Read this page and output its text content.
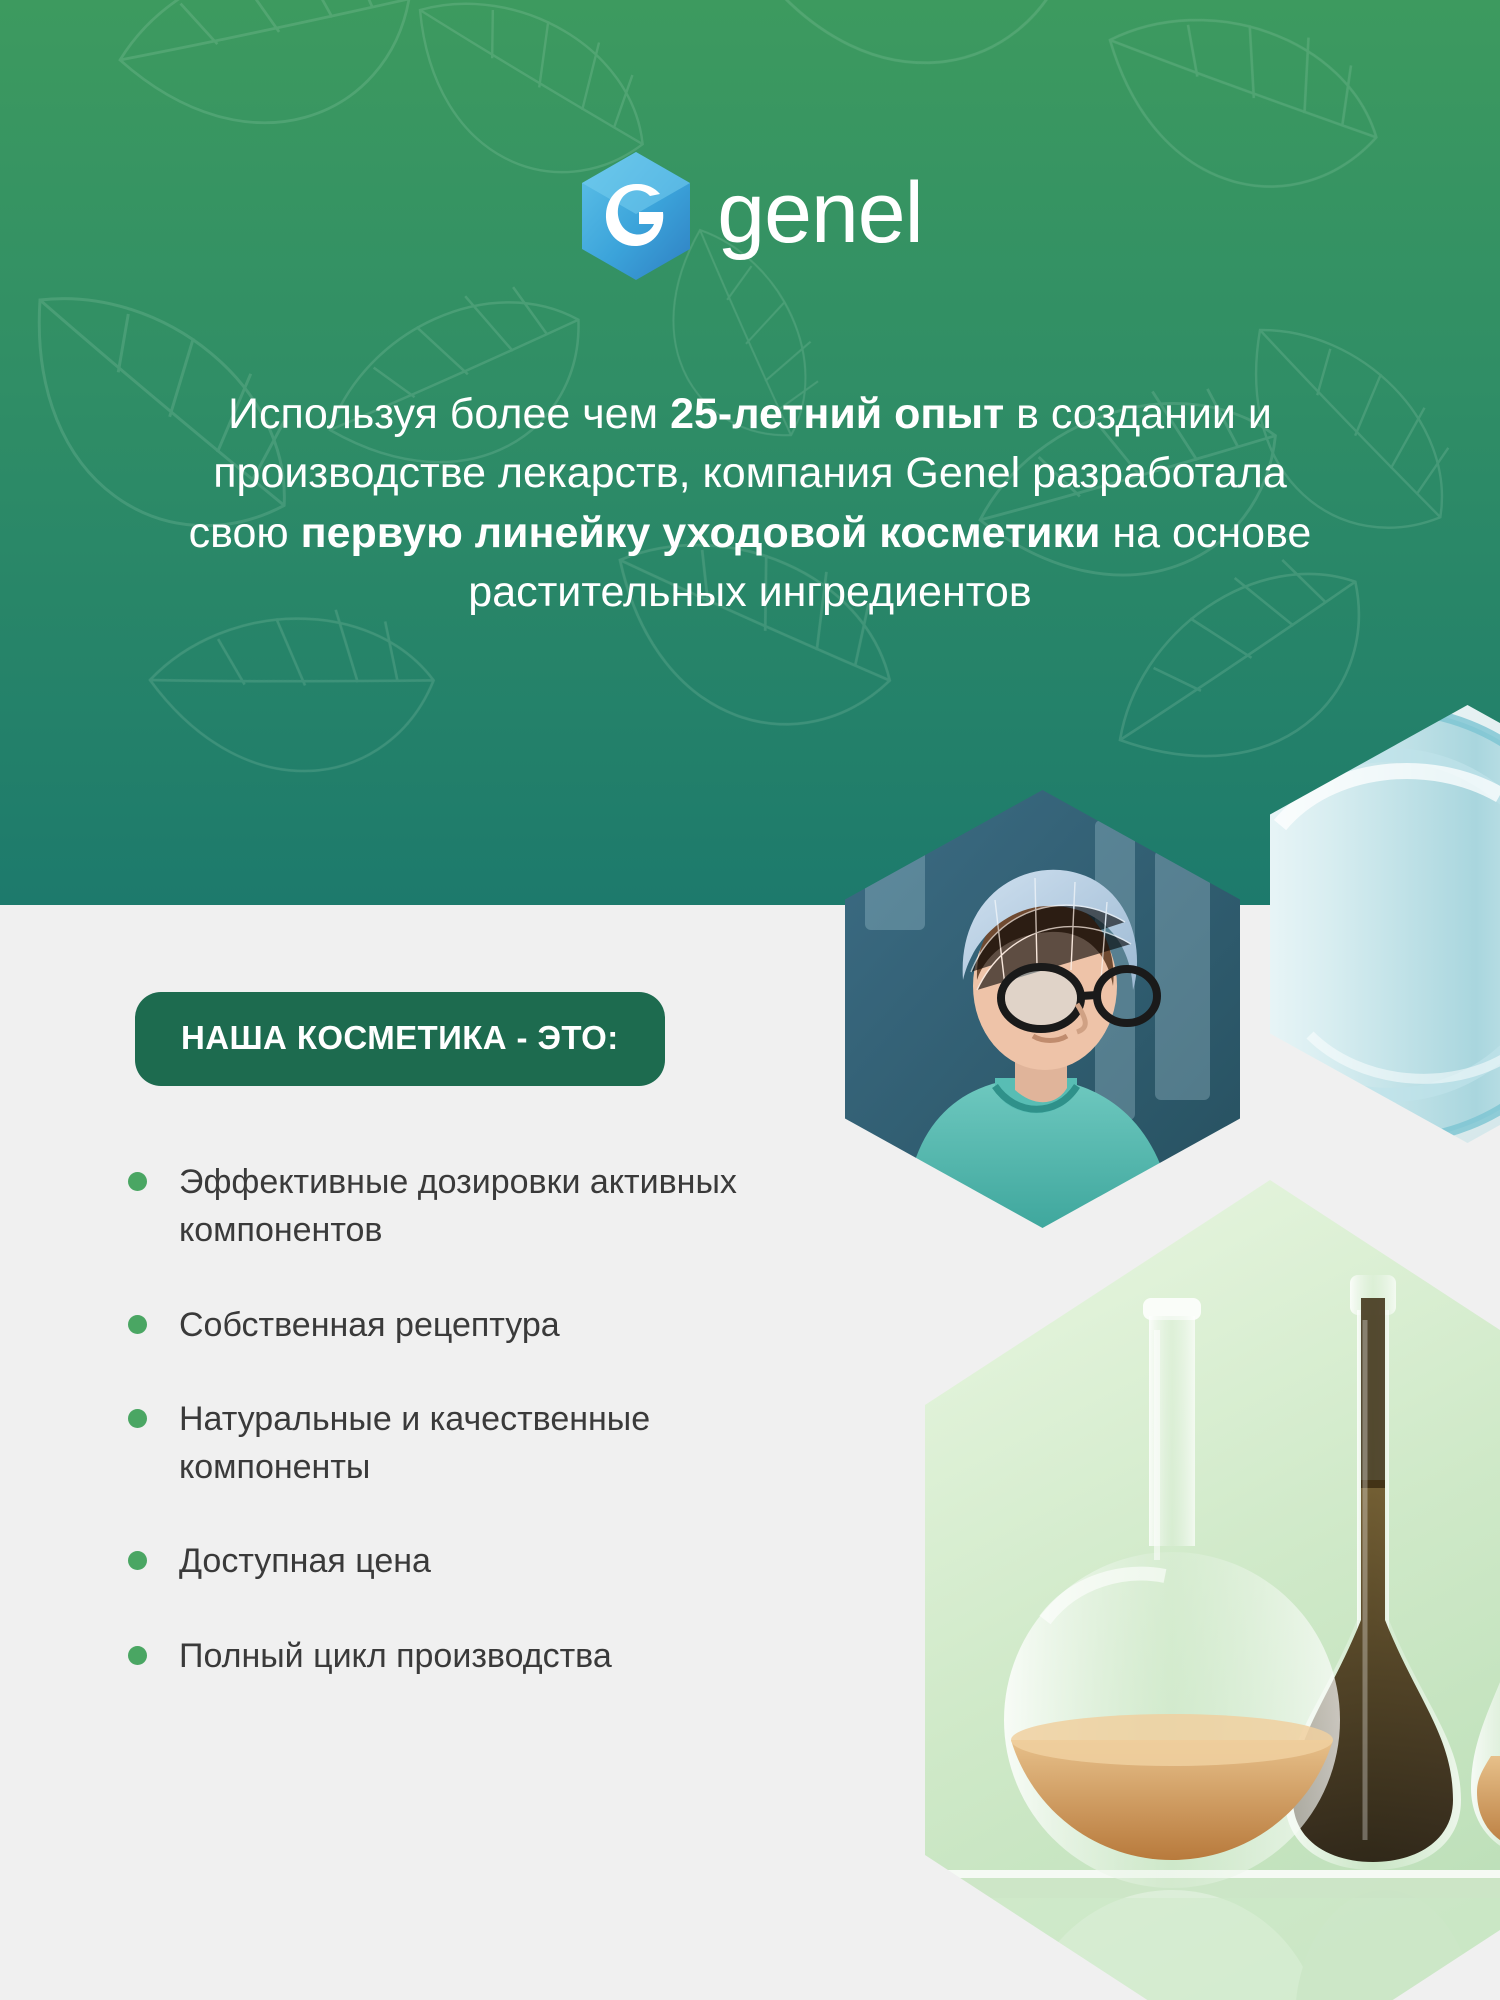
genel
Используя более чем 25-летний опыт в создании и производстве лекарств, компания Genel разработала свою первую линейку уходовой косметики на основе растительных ингредиентов
НАША КОСМЕТИКА - ЭТО:
Эффективные дозировки активных компонентов
Собственная рецептура
Натуральные и качественные компоненты
Доступная цена
Полный цикл производства
